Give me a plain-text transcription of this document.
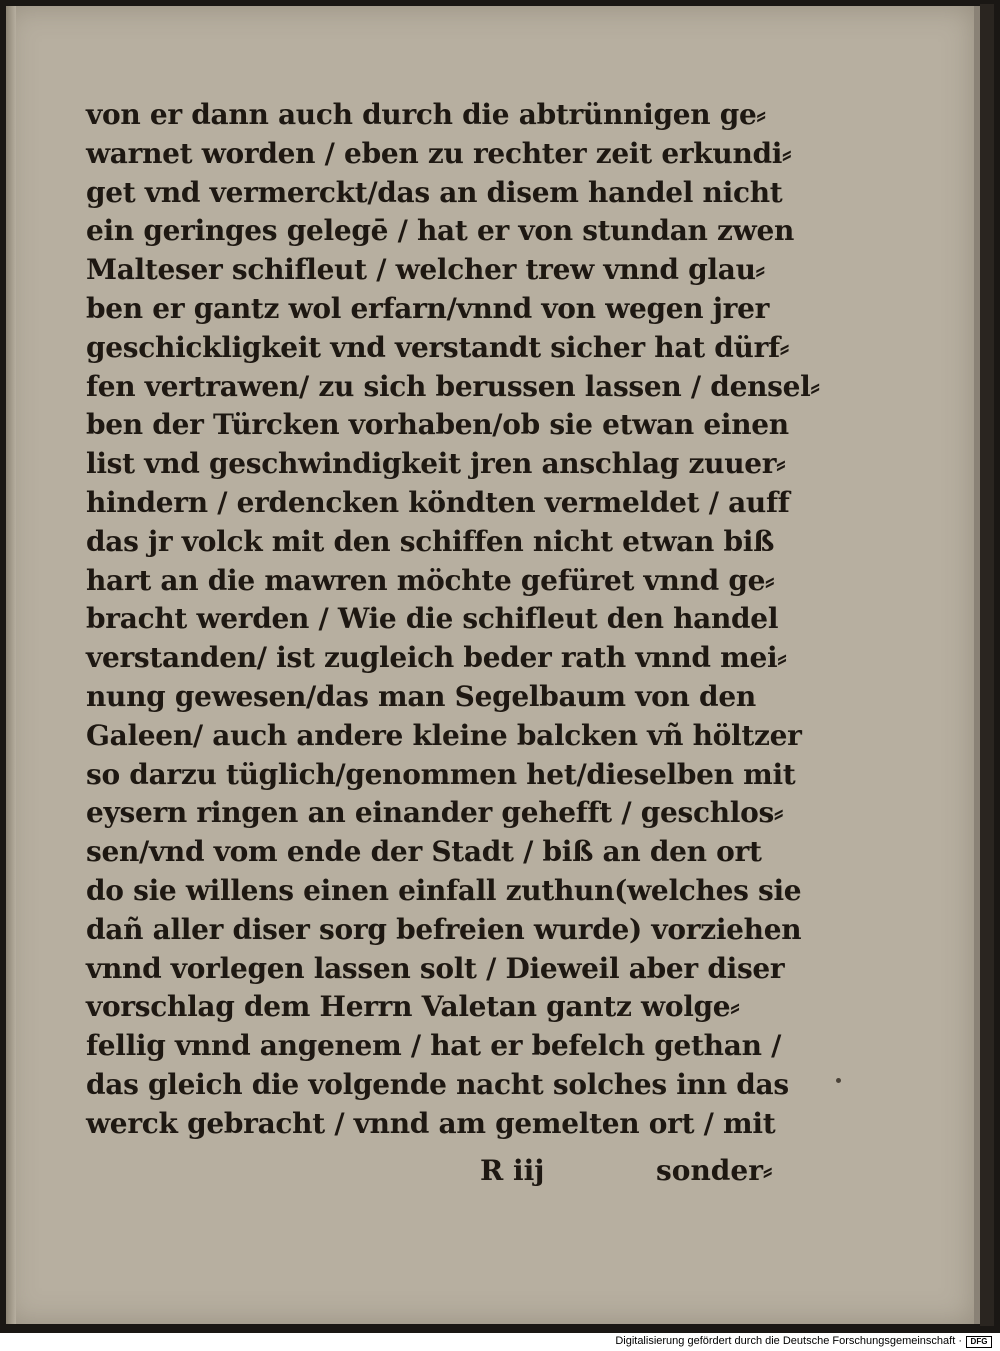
von er dann auch durch die abtrünnigen ge⸗
warnet worden / eben zu rechter zeit erkundi⸗
get vnd vermerckt/das an disem handel nicht
ein geringes gelegē / hat er von stundan zwen
Malteser schifleut / welcher trew vnnd glau⸗
ben er gantz wol erfarn/vnnd von wegen jrer
geschickligkeit vnd verstandt sicher hat dürf⸗
fen vertrawen/ zu sich berussen lassen / densel⸗
ben der Türcken vorhaben/ob sie etwan einen
list vnd geschwindigkeit jren anschlag zuuer⸗
hindern / erdencken köndten vermeldet / auff
das jr volck mit den schiffen nicht etwan biß
hart an die mawren möchte gefüret vnnd ge⸗
bracht werden / Wie die schifleut den handel
verstanden/ ist zugleich beder rath vnnd mei⸗
nung gewesen/das man Segelbaum von den
Galeen/ auch andere kleine balcken vñ höltzer
so darzu tüglich/genommen het/dieselben mit
eysern ringen an einander gehefft / geschlos⸗
sen/vnd vom ende der Stadt / biß an den ort
do sie willens einen einfall zuthun(welches sie
dañ aller diser sorg befreien wurde) vorziehen
vnnd vorlegen lassen solt / Dieweil aber diser
vorschlag dem Herrn Valetan gantz wolge⸗
fellig vnnd angenem / hat er befelch gethan /
das gleich die volgende nacht solches inn das
werck gebracht / vnnd am gemelten ort / mit
R iij	sonder⸗
Digitalisierung gefördert durch die Deutsche Forschungsgemeinschaft ·	DFG
